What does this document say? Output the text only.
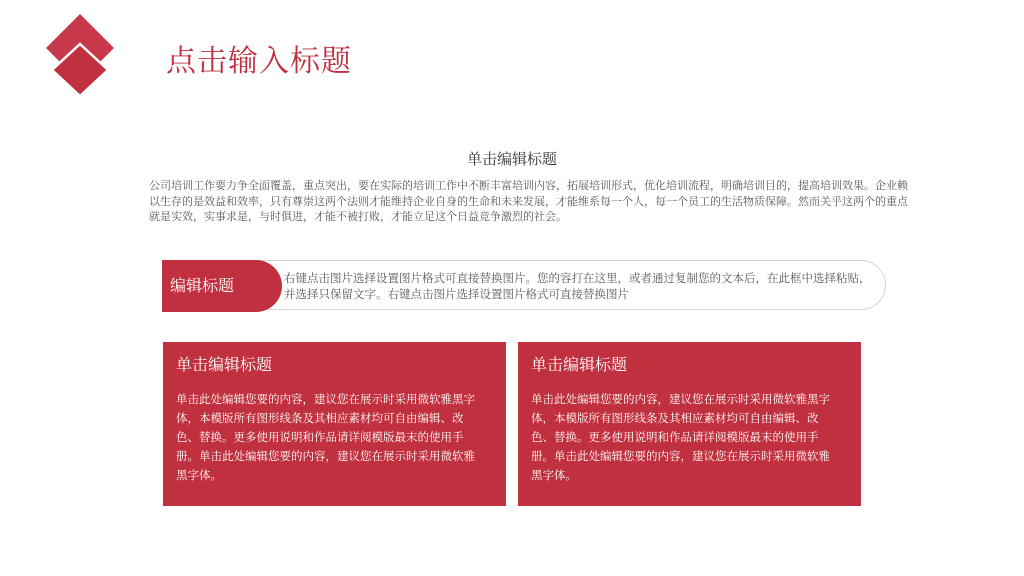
点击输入标题
单击编辑标题
公司培训工作要力争全面覆盖，重点突出，要在实际的培训工作中不断丰富培训内容，拓展培训形式，优化培训流程，明确培训目的，提高培训效果。企业赖以生存的是效益和效率，只有尊崇这两个法则才能维持企业自身的生命和未来发展，才能维系每一个人，每一个员工的生活物质保障。然而关乎这两个的重点就是实效，实事求是，与时俱进，才能不被打败，才能立足这个日益竞争激烈的社会。
编辑标题	右键点击图片选择设置图片格式可直接替换图片。您的容打在这里，或者通过复制您的文本后，在此框中选择粘贴，并选择只保留文字。右键点击图片选择设置图片格式可直接替换图片
单击编辑标题
单击此处编辑您要的内容，建议您在展示时采用微软雅黑字体，本模版所有图形线条及其相应素材均可自由编辑、改色、替换。更多使用说明和作品请详阅模版最末的使用手册。单击此处编辑您要的内容，建议您在展示时采用微软雅黑字体。
单击编辑标题
单击此处编辑您要的内容，建议您在展示时采用微软雅黑字体，本模版所有图形线条及其相应素材均可自由编辑、改色、替换。更多使用说明和作品请详阅模版最末的使用手册。单击此处编辑您要的内容，建议您在展示时采用微软雅黑字体。
